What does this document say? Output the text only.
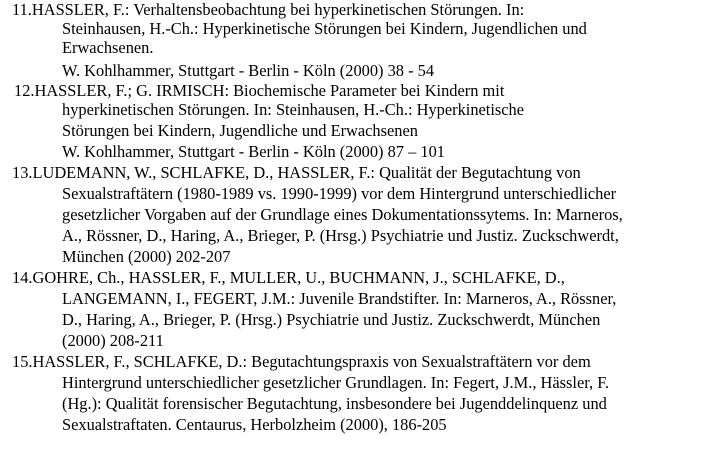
11.HASSLER, F.: Verhaltensbeobachtung bei hyperkinetischen Störungen. In:
Steinhausen, H.-Ch.: Hyperkinetische Störungen bei Kindern, Jugendlichen und
Erwachsenen.
W. Kohlhammer, Stuttgart - Berlin - Köln (2000) 38 - 54
12.HASSLER, F.; G. IRMISCH: Biochemische Parameter bei Kindern mit
hyperkinetischen Störungen. In: Steinhausen, H.-Ch.: Hyperkinetische
Störungen bei Kindern, Jugendliche und Erwachsenen
W. Kohlhammer, Stuttgart - Berlin - Köln (2000) 87 – 101
13.LUDEMANN, W., SCHLAFKE, D., HASSLER, F.: Qualität der Begutachtung von
Sexualstraftätern (1980-1989 vs. 1990-1999) vor dem Hintergrund unterschiedlicher
gesetzlicher Vorgaben auf der Grundlage eines Dokumentationssytems. In: Marneros,
A., Rössner, D., Haring, A., Brieger, P. (Hrsg.) Psychiatrie und Justiz. Zuckschwerdt,
München (2000) 202-207
14.GOHRE, Ch., HASSLER, F., MULLER, U., BUCHMANN, J., SCHLAFKE, D.,
LANGEMANN, I., FEGERT, J.M.: Juvenile Brandstifter. In: Marneros, A., Rössner,
D., Haring, A., Brieger, P. (Hrsg.) Psychiatrie und Justiz. Zuckschwerdt, München
(2000) 208-211
15.HASSLER, F., SCHLAFKE, D.: Begutachtungspraxis von Sexualstraftätern vor dem
Hintergrund unterschiedlicher gesetzlicher Grundlagen. In: Fegert, J.M., Hässler, F.
(Hg.): Qualität forensischer Begutachtung, insbesondere bei Jugenddelinquenz und
Sexualstraftaten. Centaurus, Herbolzheim (2000), 186-205
